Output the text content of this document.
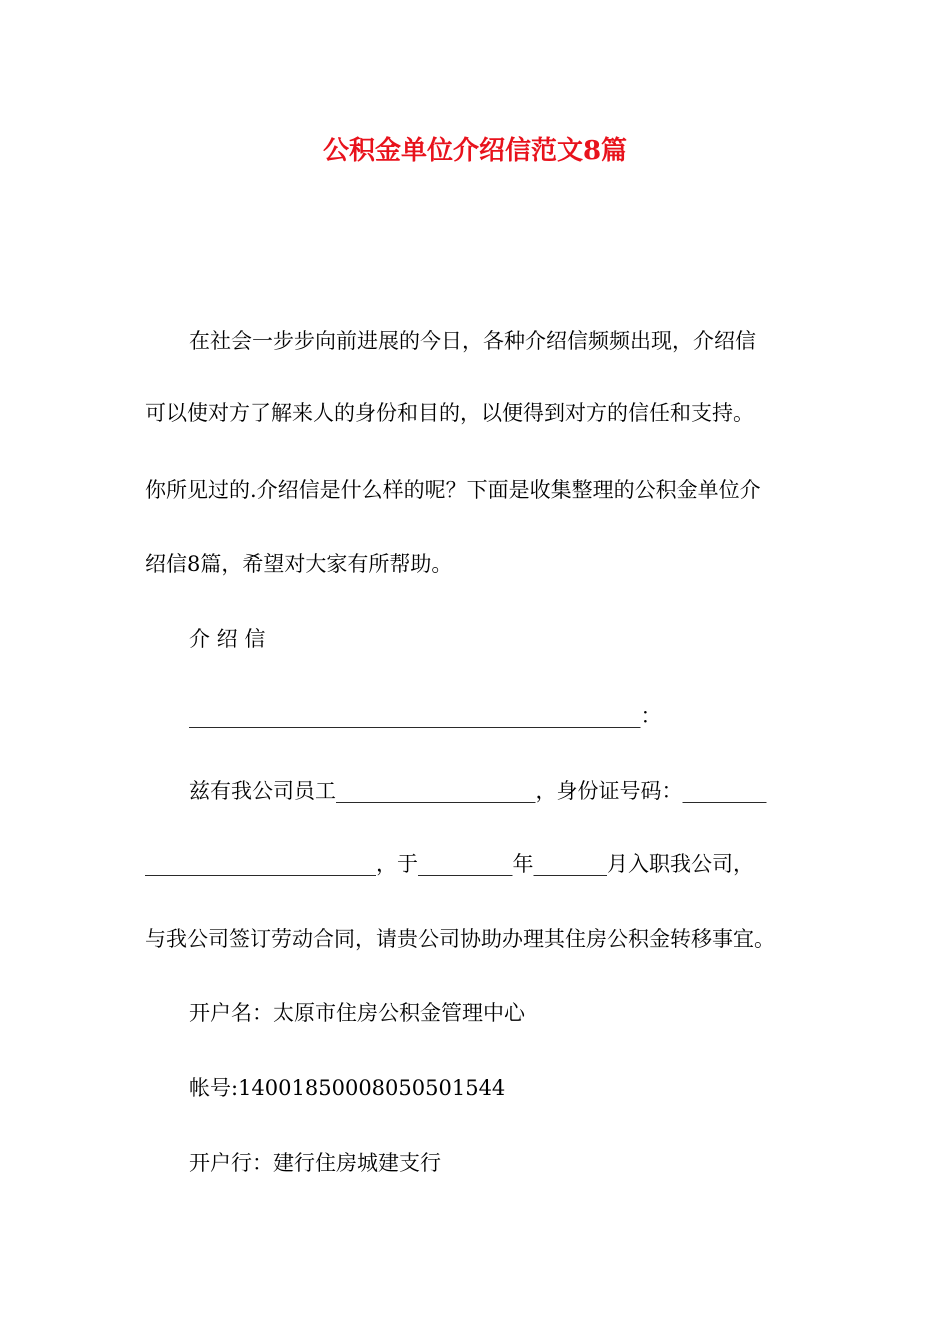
公积金单位介绍信范文8篇
在社会一步步向前进展的今日，各种介绍信频频出现，介绍信
可以使对方了解来人的身份和目的，以便得到对方的信任和支持。
你所见过的.介绍信是什么样的呢？下面是收集整理的公积金单位介
绍信8篇，希望对大家有所帮助。
介 绍 信
___________________________________________：
兹有我公司员工___________________，身份证号码：________
______________________，于_________年_______月入职我公司，
与我公司签订劳动合同，请贵公司协助办理其住房公积金转移事宜。
开户名：太原市住房公积金管理中心
帐号:14001850008050501544
开户行：建行住房城建支行
